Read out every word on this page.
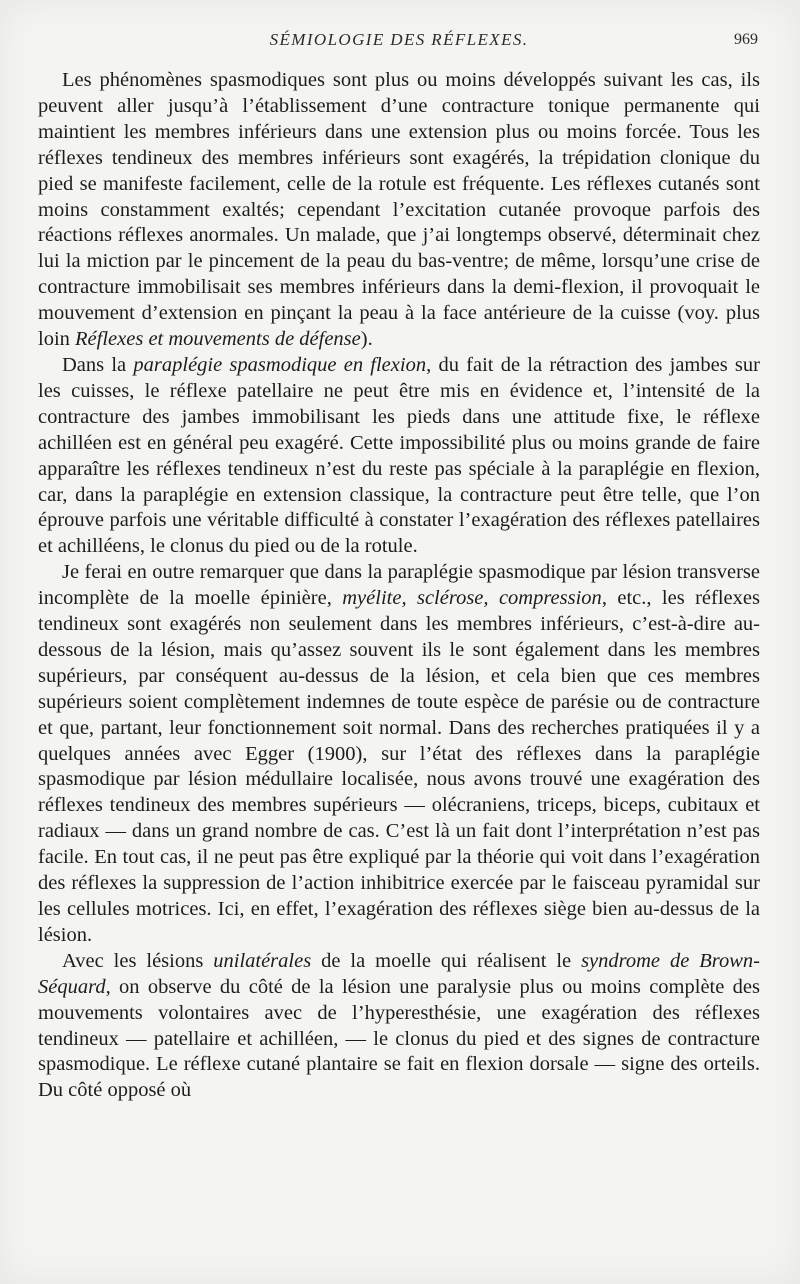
SÉMIOLOGIE DES RÉFLEXES.	969

Les phénomènes spasmodiques sont plus ou moins développés suivant les cas, ils peuvent aller jusqu’à l’établissement d’une contracture tonique permanente qui maintient les membres inférieurs dans une extension plus ou moins forcée. Tous les réflexes tendineux des membres inférieurs sont exagérés, la trépidation clonique du pied se manifeste facilement, celle de la rotule est fréquente. Les réflexes cutanés sont moins constamment exaltés; cependant l’excitation cutanée provoque parfois des réactions réflexes anormales. Un malade, que j’ai longtemps observé, déterminait chez lui la miction par le pincement de la peau du bas-ventre; de même, lorsqu’une crise de contracture immobilisait ses membres inférieurs dans la demi-flexion, il provoquait le mouvement d’extension en pinçant la peau à la face antérieure de la cuisse (voy. plus loin Réflexes et mouvements de défense).

Dans la paraplégie spasmodique en flexion, du fait de la rétraction des jambes sur les cuisses, le réflexe patellaire ne peut être mis en évidence et, l’intensité de la contracture des jambes immobilisant les pieds dans une attitude fixe, le réflexe achilléen est en général peu exagéré. Cette impossibilité plus ou moins grande de faire apparaître les réflexes tendineux n’est du reste pas spéciale à la paraplégie en flexion, car, dans la paraplégie en extension classique, la contracture peut être telle, que l’on éprouve parfois une véritable difficulté à constater l’exagération des réflexes patellaires et achilléens, le clonus du pied ou de la rotule.

Je ferai en outre remarquer que dans la paraplégie spasmodique par lésion transverse incomplète de la moelle épinière, myélite, sclérose, compression, etc., les réflexes tendineux sont exagérés non seulement dans les membres inférieurs, c’est-à-dire au-dessous de la lésion, mais qu’assez souvent ils le sont également dans les membres supérieurs, par conséquent au-dessus de la lésion, et cela bien que ces membres supérieurs soient complètement indemnes de toute espèce de parésie ou de contracture et que, partant, leur fonctionnement soit normal. Dans des recherches pratiquées il y a quelques années avec Egger (1900), sur l’état des réflexes dans la paraplégie spasmodique par lésion médullaire localisée, nous avons trouvé une exagération des réflexes tendineux des membres supérieurs — olécraniens, triceps, biceps, cubitaux et radiaux — dans un grand nombre de cas. C’est là un fait dont l’interprétation n’est pas facile. En tout cas, il ne peut pas être expliqué par la théorie qui voit dans l’exagération des réflexes la suppression de l’action inhibitrice exercée par le faisceau pyramidal sur les cellules motrices. Ici, en effet, l’exagération des réflexes siège bien au-dessus de la lésion.

Avec les lésions unilatérales de la moelle qui réalisent le syndrome de Brown-Séquard, on observe du côté de la lésion une paralysie plus ou moins complète des mouvements volontaires avec de l’hyperesthésie, une exagération des réflexes tendineux — patellaire et achilléen, — le clonus du pied et des signes de contracture spasmodique. Le réflexe cutané plantaire se fait en flexion dorsale — signe des orteils. Du côté opposé où
